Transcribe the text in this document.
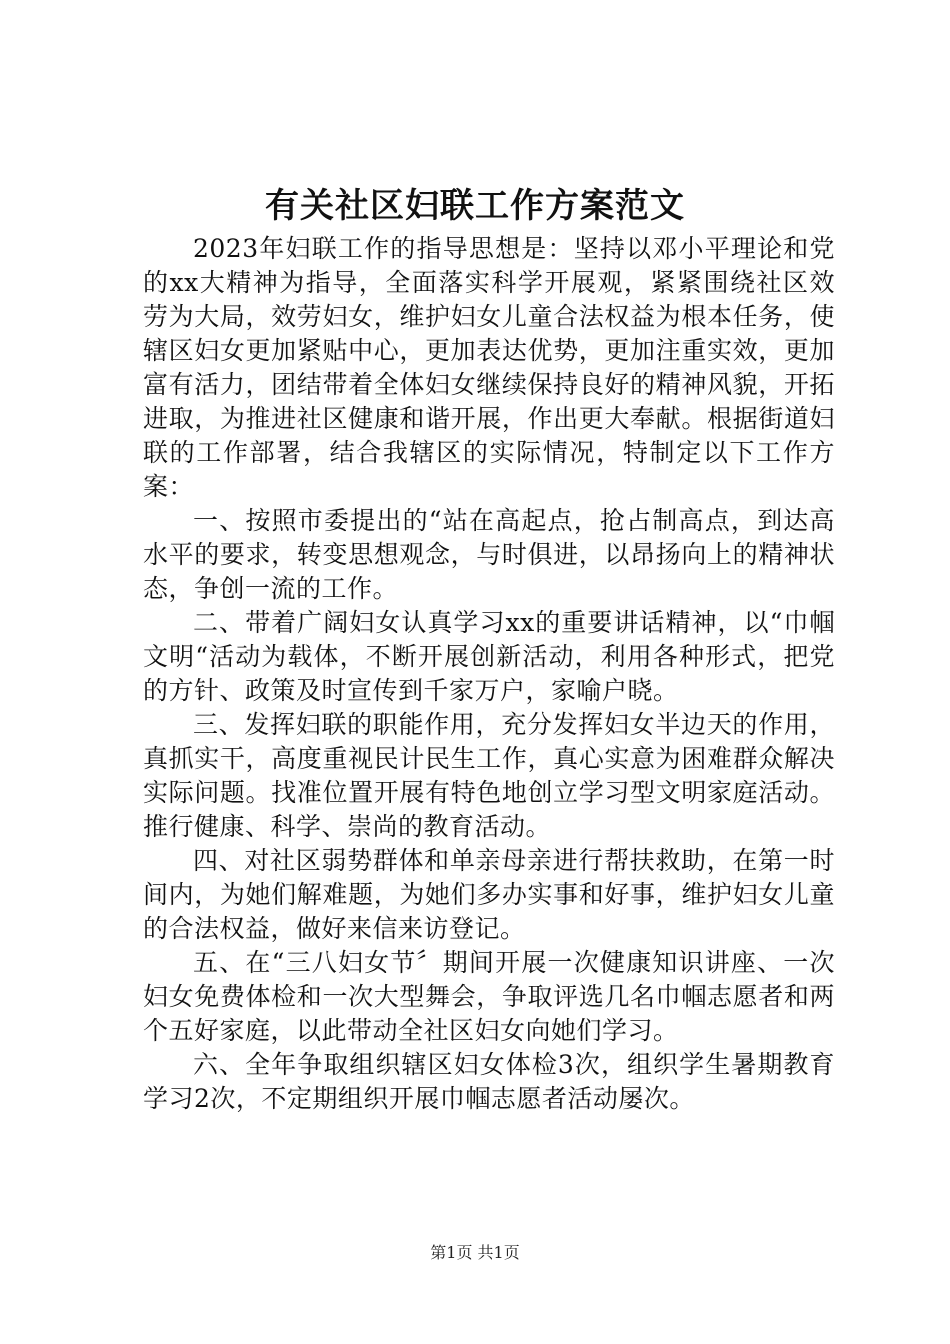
有关社区妇联工作方案范文

2023年妇联工作的指导思想是：坚持以邓小平理论和党的xx大精神为指导，全面落实科学开展观，紧紧围绕社区效劳为大局，效劳妇女，维护妇女儿童合法权益为根本任务，使辖区妇女更加紧贴中心，更加表达优势，更加注重实效，更加富有活力，团结带着全体妇女继续保持良好的精神风貌，开拓进取，为推进社区健康和谐开展，作出更大奉献。根据街道妇联的工作部署，结合我辖区的实际情况，特制定以下工作方案：

一、按照市委提出的“站在高起点，抢占制高点，到达高水平的要求，转变思想观念，与时俱进，以昂扬向上的精神状态，争创一流的工作。

二、带着广阔妇女认真学习xx的重要讲话精神，以“巾帼文明“活动为载体，不断开展创新活动，利用各种形式，把党的方针、政策及时宣传到千家万户，家喻户晓。

三、发挥妇联的职能作用，充分发挥妇女半边天的作用，真抓实干，高度重视民计民生工作，真心实意为困难群众解决实际问题。找准位置开展有特色地创立学习型文明家庭活动。推行健康、科学、崇尚的教育活动。

四、对社区弱势群体和单亲母亲进行帮扶救助，在第一时间内，为她们解难题，为她们多办实事和好事，维护妇女儿童的合法权益，做好来信来访登记。

五、在“三八妇女节〞期间开展一次健康知识讲座、一次妇女免费体检和一次大型舞会，争取评选几名巾帼志愿者和两个五好家庭，以此带动全社区妇女向她们学习。

六、全年争取组织辖区妇女体检3次，组织学生暑期教育学习2次，不定期组织开展巾帼志愿者活动屡次。

第1页 共1页
